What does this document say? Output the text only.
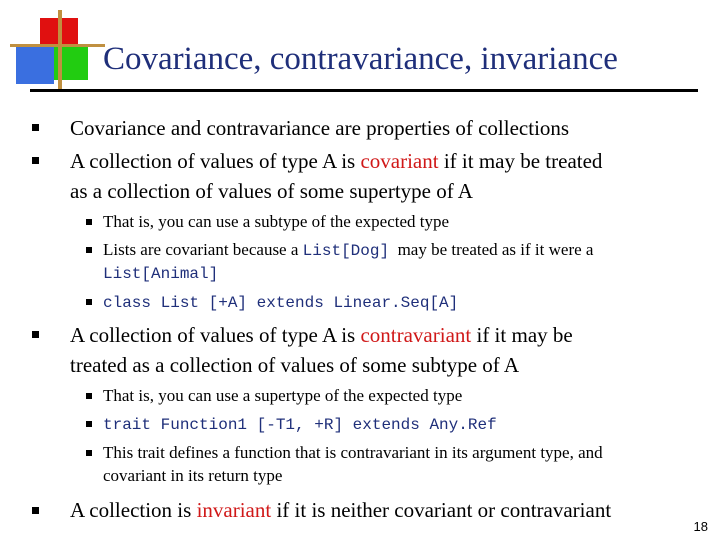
Covariance, contravariance, invariance
Covariance and contravariance are properties of collections
A collection of values of type A is covariant if it may be treated
as a collection of values of some supertype of A
That is, you can use a subtype of the expected type
Lists are covariant because a List[Dog]  may be treated as if it were a
List[Animal]
class List [+A] extends Linear.Seq[A]
A collection of values of type A is contravariant if it may be
treated as a collection of values of some subtype of A
That is, you can use a supertype of the expected type
trait Function1 [-T1, +R] extends Any.Ref
This trait defines a function that is contravariant in its argument type, and
covariant in its return type
A collection is invariant if it is neither covariant or contravariant
18
